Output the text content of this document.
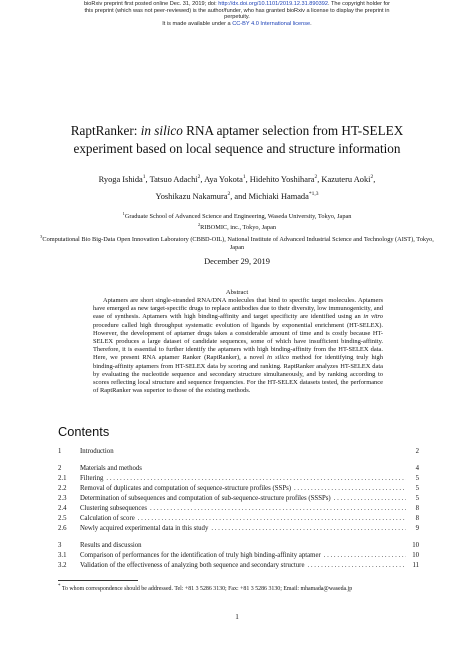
bioRxiv preprint first posted online Dec. 31, 2019; doi: http://dx.doi.org/10.1101/2019.12.31.890392. The copyright holder for
this preprint (which was not peer-reviewed) is the author/funder, who has granted bioRxiv a license to display the preprint in
perpetuity.
It is made available under a CC-BY 4.0 International license.
RaptRanker: in silico RNA aptamer selection from HT-SELEX
experiment based on local sequence and structure information
Ryoga Ishida$^1$, Tatsuo Adachi$^2$, Aya Yokota$^1$, Hidehito Yoshihara$^2$, Kazuteru Aoki$^2$,
Yoshikazu Nakamura$^2$, and Michiaki Hamada$^{*1,3}$
$^1$Graduate School of Advanced Science and Engineering, Waseda University, Tokyo, Japan
$^2$RIBOMIC, inc., Tokyo, Japan
$^3$Computational Bio Big-Data Open Innovation Laboratory (CBBD-OIL), National Institute of Advanced Industrial Science and Technology (AIST), Tokyo, Japan
December 29, 2019
Abstract
Aptamers are short single-stranded RNA/DNA molecules that bind to specific target molecules. Aptamers have emerged as new target-specific drugs to replace antibodies due to their diversity, low immunogenicity, and ease of synthesis. Aptamers with high binding-affinity and target specificity are identified using an in vitro procedure called high throughput systematic evolution of ligands by exponential enrichment (HT-SELEX). However, the development of aptamer drugs takes a considerable amount of time and is costly because HT-SELEX produces a large dataset of candidate sequences, some of which have insufficient binding-affinity. Therefore, it is essential to further identify the aptamers with high binding-affinity from the HT-SELEX data. Here, we present RNA aptamer Ranker (RaptRanker), a novel in silico method for identifying truly high binding-affinity aptamers from HT-SELEX data by scoring and ranking. RaptRanker analyzes HT-SELEX data by evaluating the nucleotide sequence and secondary structure simultaneously, and by ranking according to scores reflecting local structure and sequence frequencies. For the HT-SELEX datasets tested, the performance of RaptRanker was superior to those of the existing methods.
Contents
1	Introduction	2
2	Materials and methods	4
2.1	Filtering . . .	5
2.2	Removal of duplicates and computation of sequence-structure profiles (SSPs) . . .	5
2.3	Determination of subsequences and computation of sub-sequence-structure profiles (SSSPs) . . .	5
2.4	Clustering subsequences . . .	8
2.5	Calculation of score . . .	8
2.6	Newly acquired experimental data in this study . . .	9
3	Results and discussion	10
3.1	Comparison of performances for the identification of truly high binding-affinity aptamer . . .	10
3.2	Validation of the effectiveness of analyzing both sequence and secondary structure . . .	11
* To whom correspondence should be addressed. Tel: +81 3 5286 3130; Fax: +81 3 5286 3130; Email: mhamada@waseda.jp
1
